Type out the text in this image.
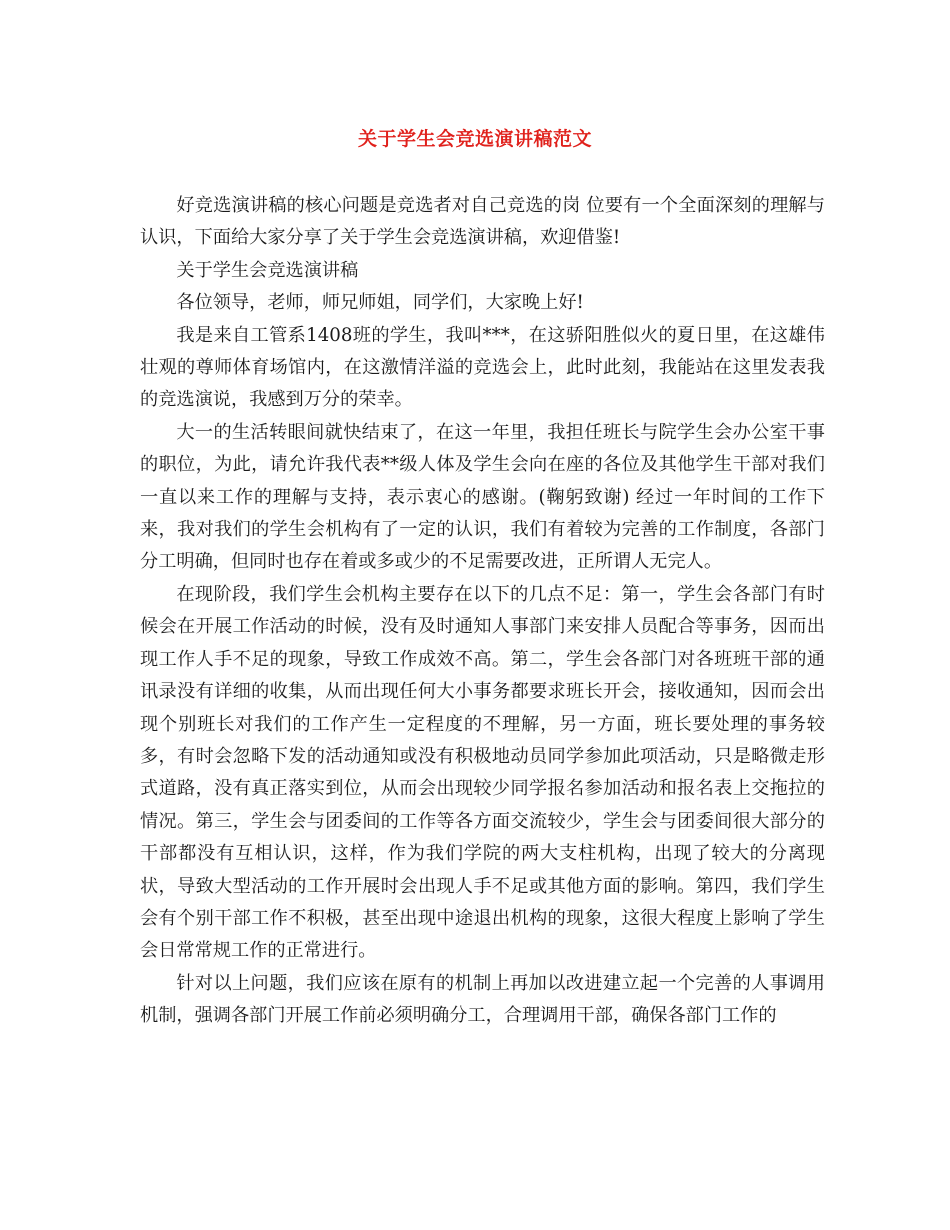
关于学生会竞选演讲稿范文

好竞选演讲稿的核心问题是竞选者对自己竞选的岗 位要有一个全面深刻的理解与认识，下面给大家分享了关于学生会竞选演讲稿，欢迎借鉴!

关于学生会竞选演讲稿

各位领导，老师，师兄师姐，同学们，大家晚上好!

我是来自工管系1408班的学生，我叫***，在这骄阳胜似火的夏日里，在这雄伟壮观的尊师体育场馆内，在这激情洋溢的竞选会上，此时此刻，我能站在这里发表我的竞选演说，我感到万分的荣幸。

大一的生活转眼间就快结束了，在这一年里，我担任班长与院学生会办公室干事的职位，为此，请允许我代表**级人体及学生会向在座的各位及其他学生干部对我们一直以来工作的理解与支持，表示衷心的感谢。(鞠躬致谢) 经过一年时间的工作下来，我对我们的学生会机构有了一定的认识，我们有着较为完善的工作制度，各部门分工明确，但同时也存在着或多或少的不足需要改进，正所谓人无完人。

在现阶段，我们学生会机构主要存在以下的几点不足：第一，学生会各部门有时候会在开展工作活动的时候，没有及时通知人事部门来安排人员配合等事务，因而出现工作人手不足的现象，导致工作成效不高。第二，学生会各部门对各班班干部的通讯录没有详细的收集，从而出现任何大小事务都要求班长开会，接收通知，因而会出现个别班长对我们的工作产生一定程度的不理解，另一方面，班长要处理的事务较多，有时会忽略下发的活动通知或没有积极地动员同学参加此项活动，只是略微走形式道路，没有真正落实到位，从而会出现较少同学报名参加活动和报名表上交拖拉的情况。第三，学生会与团委间的工作等各方面交流较少，学生会与团委间很大部分的干部都没有互相认识，这样，作为我们学院的两大支柱机构，出现了较大的分离现状，导致大型活动的工作开展时会出现人手不足或其他方面的影响。第四，我们学生会有个别干部工作不积极，甚至出现中途退出机构的现象，这很大程度上影响了学生会日常常规工作的正常进行。

针对以上问题，我们应该在原有的机制上再加以改进建立起一个完善的人事调用机制，强调各部门开展工作前必须明确分工，合理调用干部，确保各部门工作的
